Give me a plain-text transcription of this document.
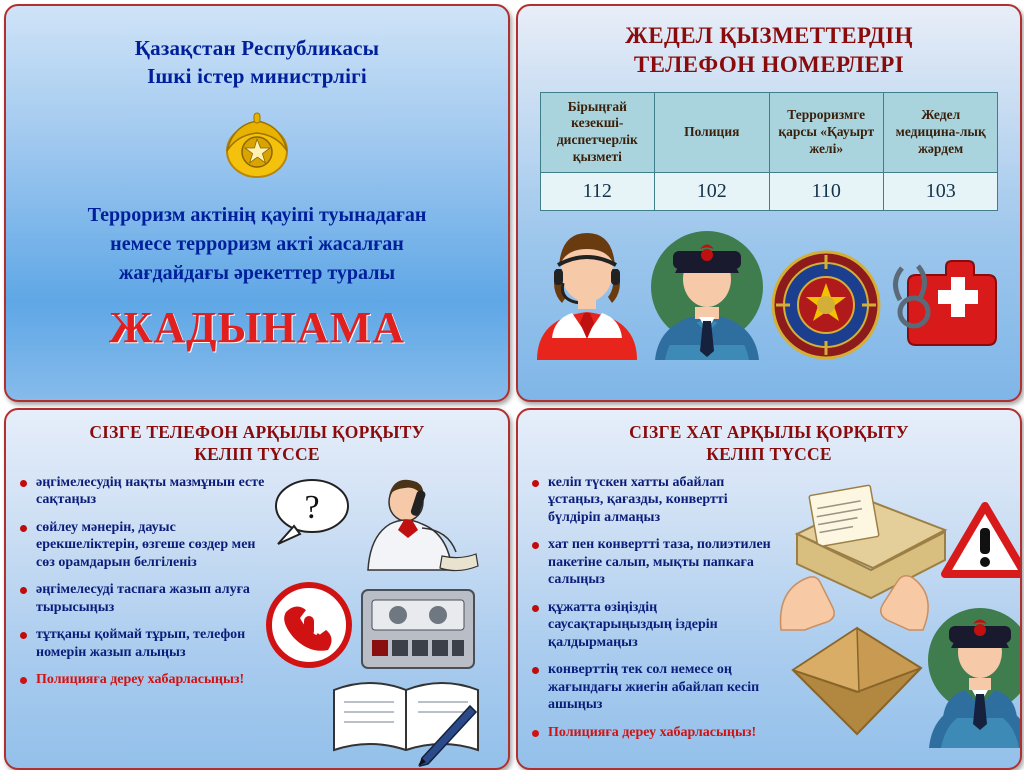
Қазақстан Республикасы
Ішкі істер министрлігі
Терроризм актінің қауіпі туынадаған
немесе терроризм акті жасалған
жағдайдағы әрекеттер туралы
ЖАДЫНАМА
ЖЕДЕЛ ҚЫЗМЕТТЕРДІҢ
ТЕЛЕФОН НОМЕРЛЕРІ
Бірыңғай кезекші-диспетчерлік қызметі	Полиция	Терроризмге қарсы «Қауырт желі»	Жедел медицина-лық жәрдем
112	102	110	103
СІЗГЕ ТЕЛЕФОН АРҚЫЛЫ ҚОРҚЫТУ
КЕЛІП ТҮССЕ
әңгімелесудің нақты мазмұнын есте сақтаңыз
сөйлеу мәнерін, дауыс ерекшеліктерін, өзгеше сөздер мен сөз орамдарын белгіленіз
әңгімелесуді таспаға жазып алуға тырысыңыз
тұтқаны қоймай тұрып, телефон номерін жазып алыңыз
Полицияға дереу хабарласыңыз!
?
СІЗГЕ ХАТ АРҚЫЛЫ ҚОРҚЫТУ
КЕЛІП ТҮССЕ
келіп түскен хатты абайлап ұстаңыз, қағазды, конвертті бүлдіріп алмаңыз
хат пен конвертті таза, полиэтилен пакетіне салып, мықты папкаға салыңыз
құжатта өзіңіздің саусақтарыңыздың іздерін қалдырмаңыз
конверттің тек сол немесе оң жағындағы жиегін абайлап кесіп ашыңыз
Полицияға дереу хабарласыңыз!
